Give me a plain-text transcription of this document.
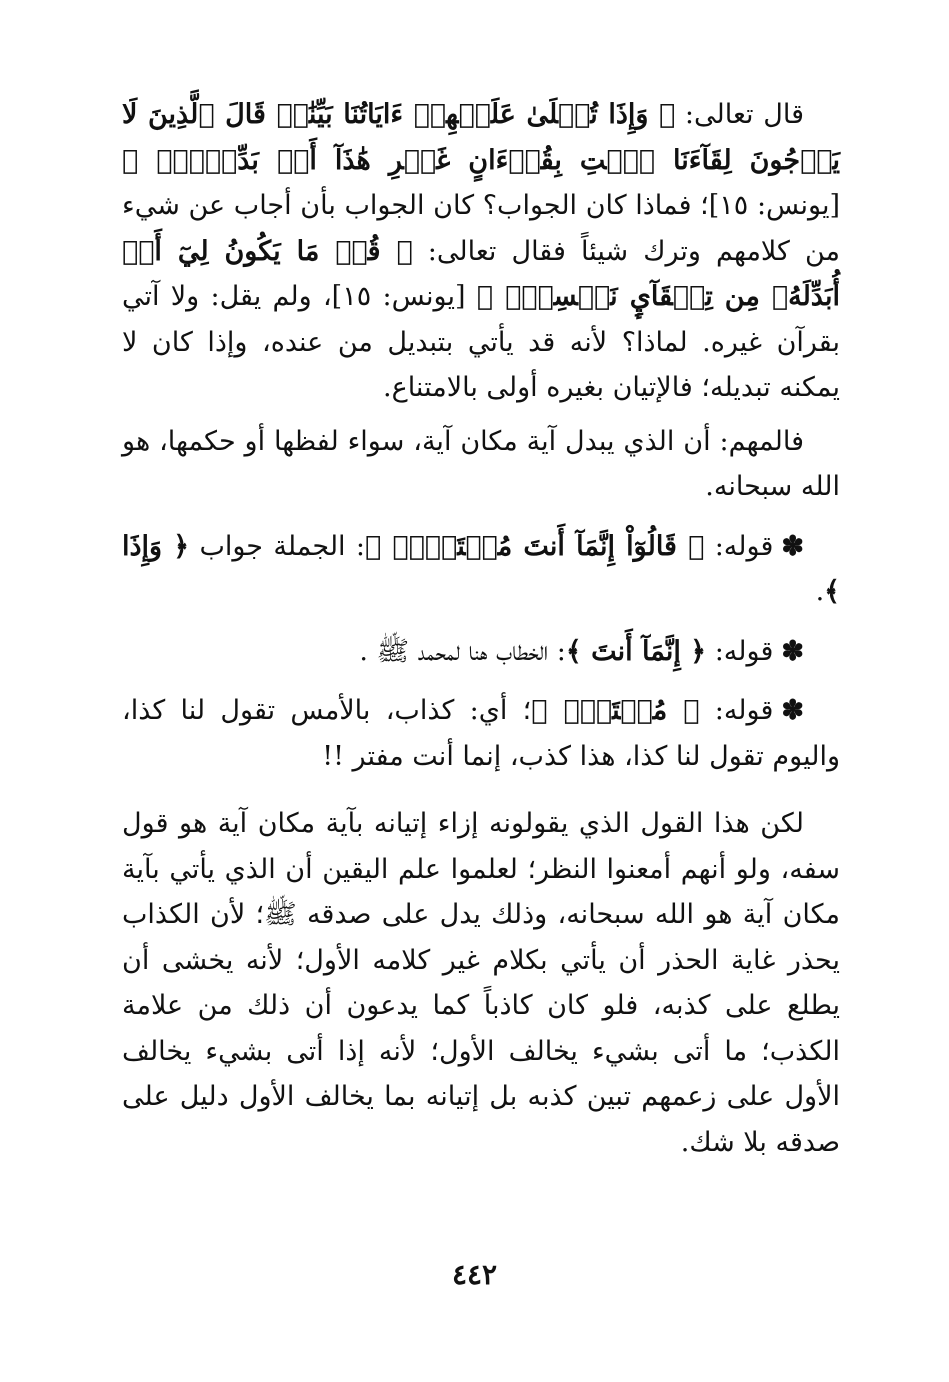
قال تعالى: ﴿ وَإِذَا تُتۡلَىٰ عَلَيۡهِمۡ ءَايَاتُنَا بَيِّنَٰتٖ قَالَ ٱلَّذِينَ لَا يَرۡجُونَ لِقَآءَنَا ٱئۡتِ بِقُرۡءَانٍ غَيۡرِ هَٰذَآ أَوۡ بَدِّلۡهُۚ ﴾ [يونس: ١٥]؛ فماذا كان الجواب؟ كان الجواب بأن أجاب عن شيء من كلامهم وترك شيئاً فقال تعالى: ﴿ قُلۡ مَا يَكُونُ لِيٓ أَنۡ أُبَدِّلَهُۥ مِن تِلۡقَآيِٕ نَفۡسِيٓۖ ﴾ [يونس: ١٥]، ولم يقل: ولا آتي بقرآن غيره. لماذا؟ لأنه قد يأتي بتبديل من عنده، وإذا كان لا يمكنه تبديله؛ فالإتيان بغيره أولى بالامتناع.

فالمهم: أن الذي يبدل آية مكان آية، سواء لفظها أو حكمها، هو الله سبحانه.

✽قوله: ﴿ قَالُوٓاْ إِنَّمَآ أَنتَ مُفۡتَرِۭۚ ﴾: الجملة جواب ﴿ وَإِذَا ﴾.

✽قوله: ﴿ إِنَّمَآ أَنتَ ﴾: الخطاب هنا لمحمد ﷺ .

✽قوله: ﴿ مُفۡتَرِۭ ﴾؛ أي: كذاب، بالأمس تقول لنا كذا، واليوم تقول لنا كذا، هذا كذب، إنما أنت مفتر !!

لكن هذا القول الذي يقولونه إزاء إتيانه بآية مكان آية هو قول سفه، ولو أنهم أمعنوا النظر؛ لعلموا علم اليقين أن الذي يأتي بآية مكان آية هو الله سبحانه، وذلك يدل على صدقه ﷺ؛ لأن الكذاب يحذر غاية الحذر أن يأتي بكلام غير كلامه الأول؛ لأنه يخشى أن يطلع على كذبه، فلو كان كاذباً كما يدعون أن ذلك من علامة الكذب؛ ما أتى بشيء يخالف الأول؛ لأنه إذا أتى بشيء يخالف الأول على زعمهم تبين كذبه بل إتيانه بما يخالف الأول دليل على صدقه بلا شك.

٤٤٢
